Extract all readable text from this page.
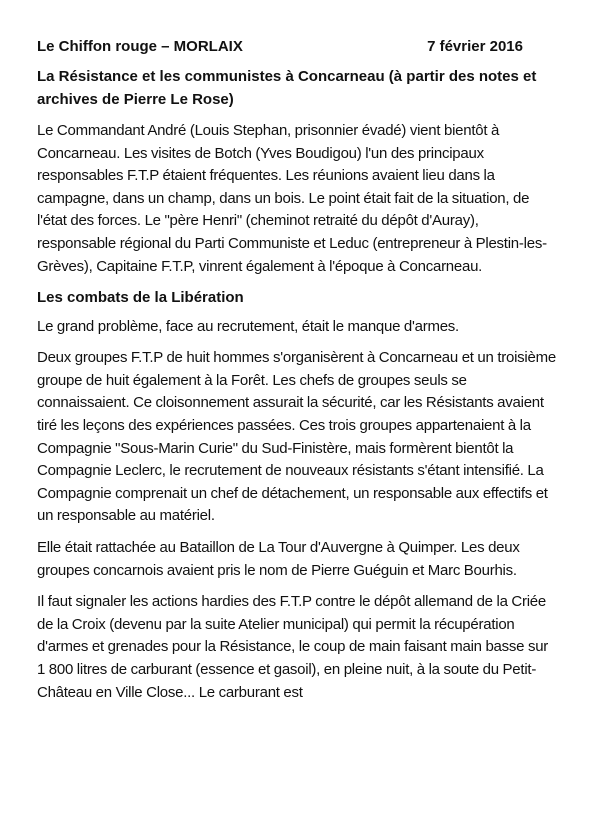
Le Chiffon rouge – MORLAIX	7 février 2016
La Résistance et les communistes à Concarneau (à partir des notes et archives de Pierre Le Rose)

Le Commandant André (Louis Stephan, prisonnier évadé) vient bientôt à Concarneau. Les visites de Botch (Yves Boudigou) l'un des principaux responsables F.T.P étaient fréquentes. Les réunions avaient lieu dans la campagne, dans un champ, dans un bois. Le point était fait de la situation, de l'état des forces. Le "père Henri" (cheminot retraité du dépôt d'Auray), responsable régional du Parti Communiste et Leduc (entrepreneur à Plestin-les-Grèves), Capitaine F.T.P, vinrent également à l'époque à Concarneau.

Les combats de la Libération

Le grand problème, face au recrutement, était le manque d'armes.

Deux groupes F.T.P de huit hommes s'organisèrent à Concarneau et un troisième groupe de huit également à la Forêt. Les chefs de groupes seuls se connaissaient. Ce cloisonnement assurait la sécurité, car les Résistants avaient tiré les leçons des expériences passées. Ces trois groupes appartenaient à la Compagnie "Sous-Marin Curie" du Sud-Finistère, mais formèrent bientôt la Compagnie Leclerc, le recrutement de nouveaux résistants s'étant intensifié. La Compagnie comprenait un chef de détachement, un responsable aux effectifs et un responsable au matériel.

Elle était rattachée au Bataillon de La Tour d'Auvergne à Quimper. Les deux groupes concarnois avaient pris le nom de Pierre Guéguin et Marc Bourhis.

Il faut signaler les actions hardies des F.T.P contre le dépôt allemand de la Criée de la Croix (devenu par la suite Atelier municipal) qui permit la récupération d'armes et grenades pour la Résistance, le coup de main faisant main basse sur 1 800 litres de carburant (essence et gasoil), en pleine nuit, à la soute du Petit-Château en Ville Close... Le carburant est
